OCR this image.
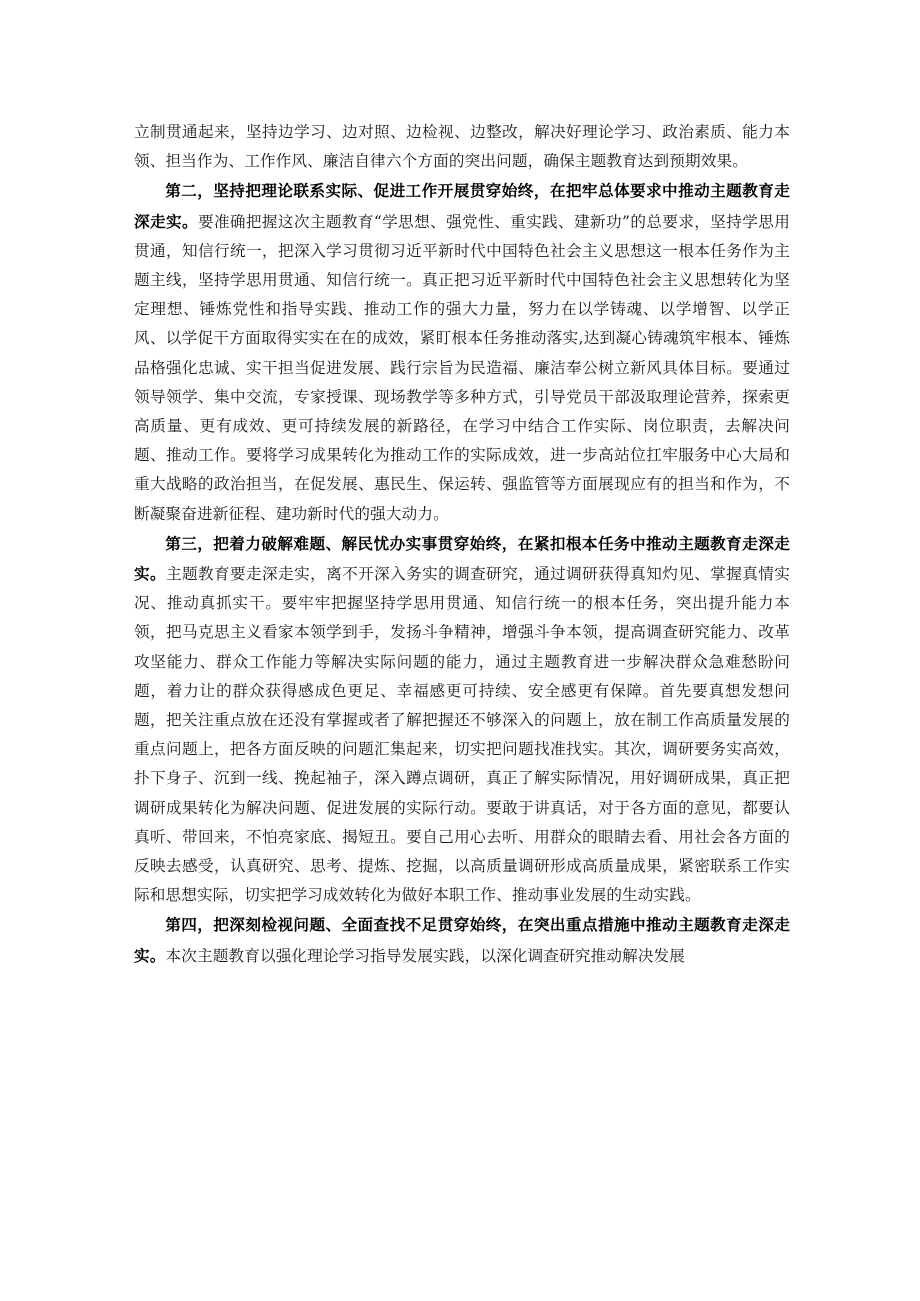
立制贯通起来，坚持边学习、边对照、边检视、边整改，解决好理论学习、政治素质、能力本领、担当作为、工作作风、廉洁自律六个方面的突出问题，确保主题教育达到预期效果。

第二，坚持把理论联系实际、促进工作开展贯穿始终，在把牢总体要求中推动主题教育走深走实。要准确把握这次主题教育“学思想、强党性、重实践、建新功”的总要求，坚持学思用贯通，知信行统一，把深入学习贯彻习近平新时代中国特色社会主义思想这一根本任务作为主题主线，坚持学思用贯通、知信行统一。真正把习近平新时代中国特色社会主义思想转化为坚定理想、锤炼党性和指导实践、推动工作的强大力量，努力在以学铸魂、以学增智、以学正风、以学促干方面取得实实在在的成效，紧盯根本任务推动落实,达到凝心铸魂筑牢根本、锤炼品格强化忠诚、实干担当促进发展、践行宗旨为民造福、廉洁奉公树立新风具体目标。要通过领导领学、集中交流，专家授课、现场教学等多种方式，引导党员干部汲取理论营养，探索更高质量、更有成效、更可持续发展的新路径，在学习中结合工作实际、岗位职责，去解决问题、推动工作。要将学习成果转化为推动工作的实际成效，进一步高站位扛牢服务中心大局和重大战略的政治担当，在促发展、惠民生、保运转、强监管等方面展现应有的担当和作为，不断凝聚奋进新征程、建功新时代的强大动力。

第三，把着力破解难题、解民忧办实事贯穿始终，在紧扣根本任务中推动主题教育走深走实。主题教育要走深走实，离不开深入务实的调查研究，通过调研获得真知灼见、掌握真情实况、推动真抓实干。要牢牢把握坚持学思用贯通、知信行统一的根本任务，突出提升能力本领，把马克思主义看家本领学到手，发扬斗争精神，增强斗争本领，提高调查研究能力、改革攻坚能力、群众工作能力等解决实际问题的能力，通过主题教育进一步解决群众急难愁盼问题，着力让的群众获得感成色更足、幸福感更可持续、安全感更有保障。首先要真想发想问题，把关注重点放在还没有掌握或者了解把握还不够深入的问题上，放在制工作高质量发展的重点问题上，把各方面反映的问题汇集起来，切实把问题找准找实。其次，调研要务实高效，扑下身子、沉到一线、挽起袖子，深入蹲点调研，真正了解实际情况，用好调研成果，真正把调研成果转化为解决问题、促进发展的实际行动。要敢于讲真话，对于各方面的意见，都要认真听、带回来，不怕亮家底、揭短丑。要自己用心去听、用群众的眼睛去看、用社会各方面的反映去感受，认真研究、思考、提炼、挖掘，以高质量调研形成高质量成果，紧密联系工作实际和思想实际，切实把学习成效转化为做好本职工作、推动事业发展的生动实践。

第四，把深刻检视问题、全面查找不足贯穿始终，在突出重点措施中推动主题教育走深走实。本次主题教育以强化理论学习指导发展实践，以深化调查研究推动解决发展
